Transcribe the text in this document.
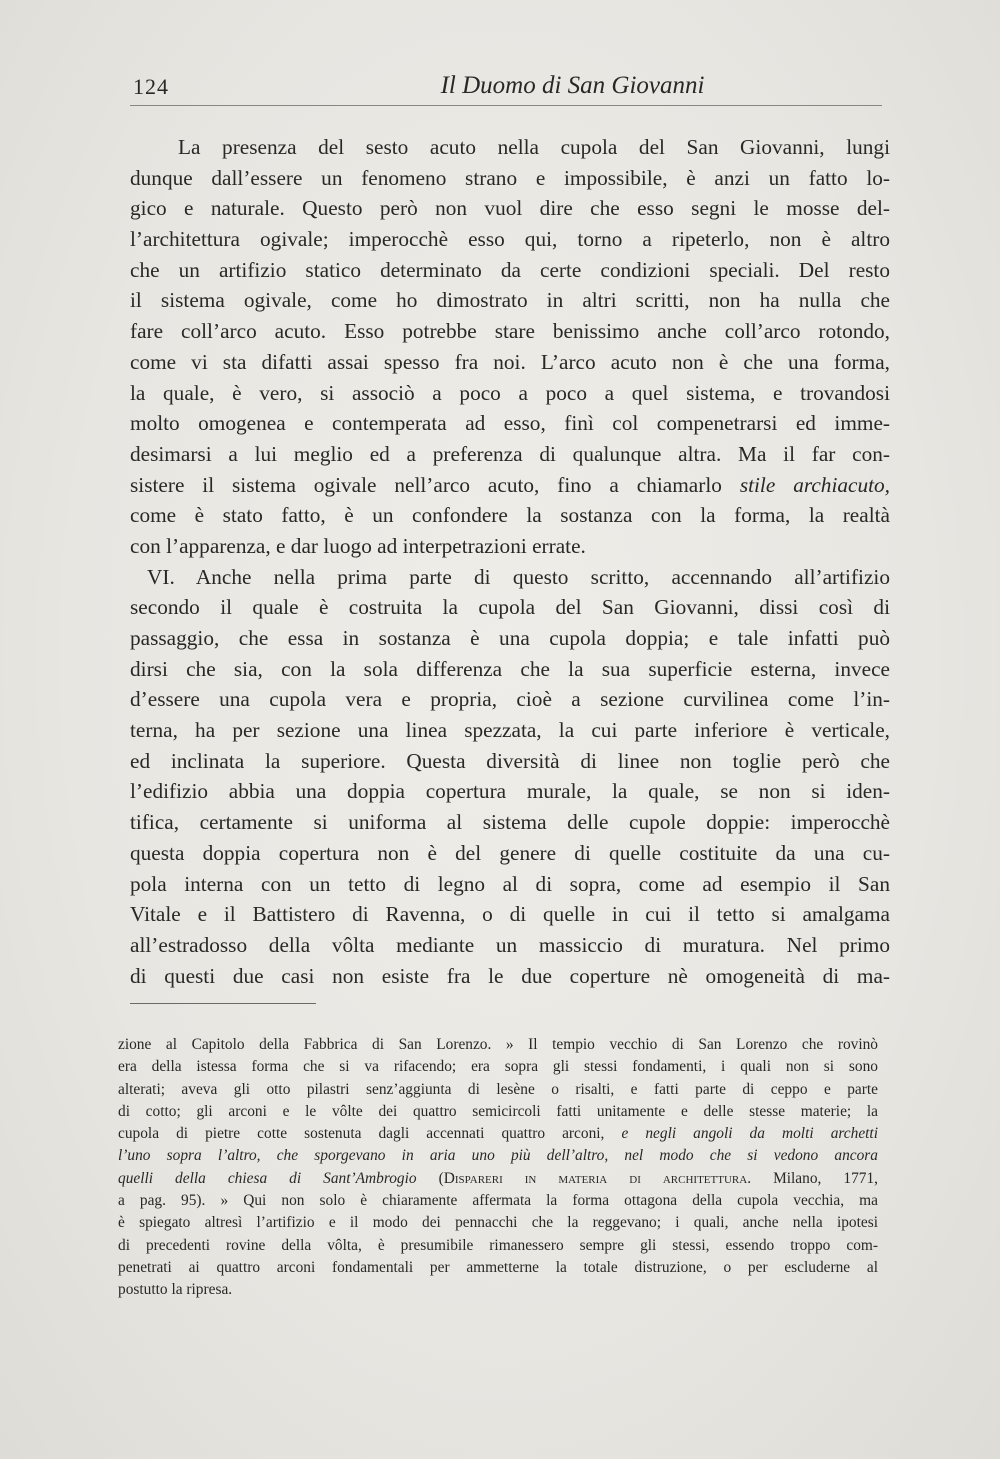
124	Il Duomo di San Giovanni
La presenza del sesto acuto nella cupola del San Giovanni, lungi
dunque dall’essere un fenomeno strano e impossibile, è anzi un fatto lo-
gico e naturale. Questo però non vuol dire che esso segni le mosse del-
l’architettura ogivale; imperocchè esso qui, torno a ripeterlo, non è altro
che un artifizio statico determinato da certe condizioni speciali. Del resto
il sistema ogivale, come ho dimostrato in altri scritti, non ha nulla che
fare coll’arco acuto. Esso potrebbe stare benissimo anche coll’arco rotondo,
come vi sta difatti assai spesso fra noi. L’arco acuto non è che una forma,
la quale, è vero, si associò a poco a poco a quel sistema, e trovandosi
molto omogenea e contemperata ad esso, finì col compenetrarsi ed imme-
desimarsi a lui meglio ed a preferenza di qualunque altra. Ma il far con-
sistere il sistema ogivale nell’arco acuto, fino a chiamarlo stile archiacuto,
come è stato fatto, è un confondere la sostanza con la forma, la realtà
con l’apparenza, e dar luogo ad interpetrazioni errate.
VI. Anche nella prima parte di questo scritto, accennando all’artifizio
secondo il quale è costruita la cupola del San Giovanni, dissi così di
passaggio, che essa in sostanza è una cupola doppia; e tale infatti può
dirsi che sia, con la sola differenza che la sua superficie esterna, invece
d’essere una cupola vera e propria, cioè a sezione curvilinea come l’in-
terna, ha per sezione una linea spezzata, la cui parte inferiore è verticale,
ed inclinata la superiore. Questa diversità di linee non toglie però che
l’edifizio abbia una doppia copertura murale, la quale, se non si iden-
tifica, certamente si uniforma al sistema delle cupole doppie: imperocchè
questa doppia copertura non è del genere di quelle costituite da una cu-
pola interna con un tetto di legno al di sopra, come ad esempio il San
Vitale e il Battistero di Ravenna, o di quelle in cui il tetto si amalgama
all’estradosso della vôlta mediante un massiccio di muratura. Nel primo
di questi due casi non esiste fra le due coperture nè omogeneità di ma-
zione al Capitolo della Fabbrica di San Lorenzo. » Il tempio vecchio di San Lorenzo che rovinò
era della istessa forma che si va rifacendo; era sopra gli stessi fondamenti, i quali non si sono
alterati; aveva gli otto pilastri senz’aggiunta di lesène o risalti, e fatti parte di ceppo e parte
di cotto; gli arconi e le vôlte dei quattro semicircoli fatti unitamente e delle stesse materie; la
cupola di pietre cotte sostenuta dagli accennati quattro arconi, e negli angoli da molti archetti
l’uno sopra l’altro, che sporgevano in aria uno più dell’altro, nel modo che si vedono ancora
quelli della chiesa di Sant’Ambrogio (Dispareri in materia di architettura. Milano, 1771,
a pag. 95). » Qui non solo è chiaramente affermata la forma ottagona della cupola vecchia, ma
è spiegato altresì l’artifizio e il modo dei pennacchi che la reggevano; i quali, anche nella ipotesi
di precedenti rovine della vôlta, è presumibile rimanessero sempre gli stessi, essendo troppo com-
penetrati ai quattro arconi fondamentali per ammetterne la totale distruzione, o per escluderne al
postutto la ripresa.
